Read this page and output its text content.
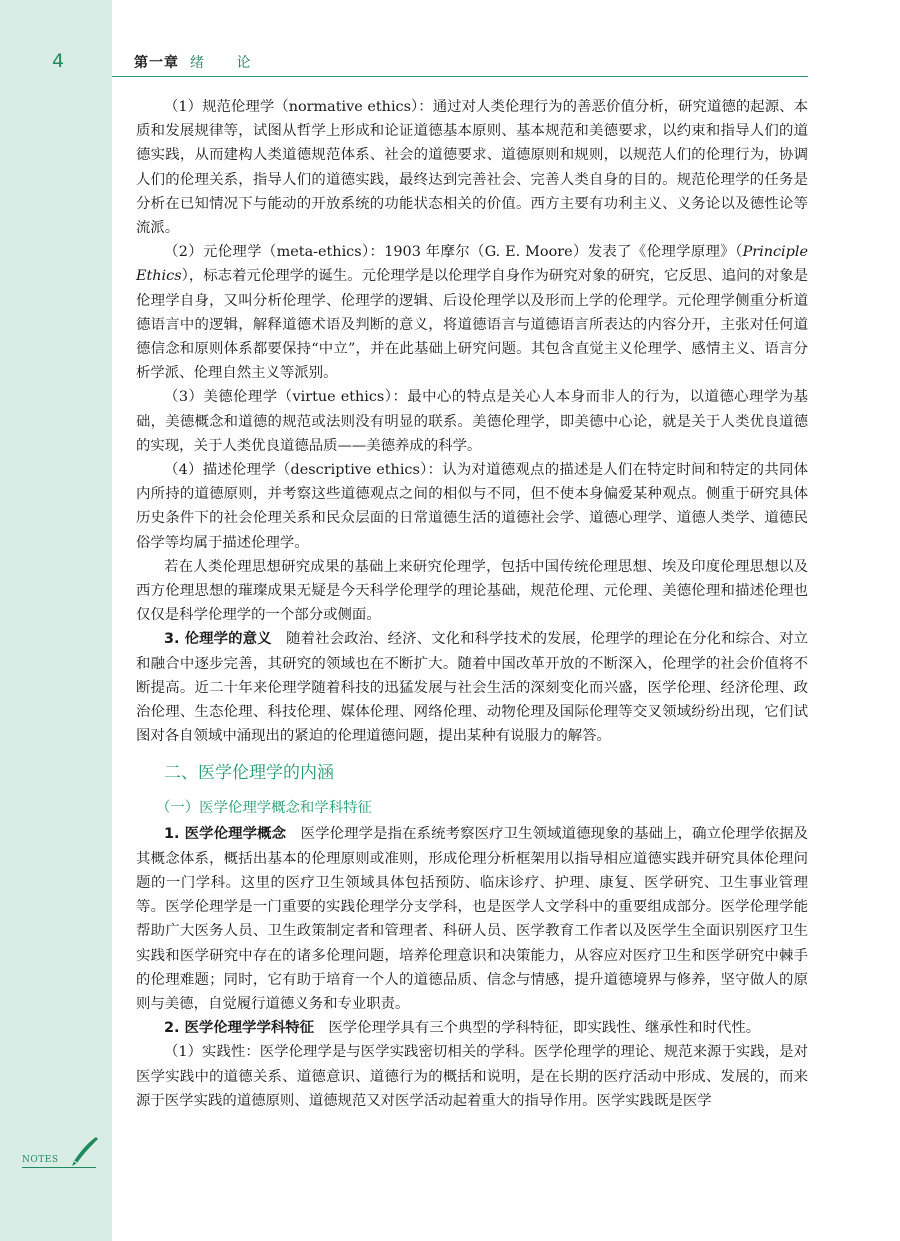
4	第一章 绪 论

（1）规范伦理学（normative ethics）：通过对人类伦理行为的善恶价值分析，研究道德的起源、本质和发展规律等，试图从哲学上形成和论证道德基本原则、基本规范和美德要求，以约束和指导人们的道德实践，从而建构人类道德规范体系、社会的道德要求、道德原则和规则，以规范人们的伦理行为，协调人们的伦理关系，指导人们的道德实践，最终达到完善社会、完善人类自身的目的。规范伦理学的任务是分析在已知情况下与能动的开放系统的功能状态相关的价值。西方主要有功利主义、义务论以及德性论等流派。

（2）元伦理学（meta-ethics）：1903 年摩尔（G. E. Moore）发表了《伦理学原理》（Principle Ethics），标志着元伦理学的诞生。元伦理学是以伦理学自身作为研究对象的研究，它反思、追问的对象是伦理学自身，又叫分析伦理学、伦理学的逻辑、后设伦理学以及形而上学的伦理学。元伦理学侧重分析道德语言中的逻辑，解释道德术语及判断的意义，将道德语言与道德语言所表达的内容分开，主张对任何道德信念和原则体系都要保持“中立”，并在此基础上研究问题。其包含直觉主义伦理学、感情主义、语言分析学派、伦理自然主义等派别。

（3）美德伦理学（virtue ethics）：最中心的特点是关心人本身而非人的行为，以道德心理学为基础，美德概念和道德的规范或法则没有明显的联系。美德伦理学，即美德中心论，就是关于人类优良道德的实现，关于人类优良道德品质——美德养成的科学。

（4）描述伦理学（descriptive ethics）：认为对道德观点的描述是人们在特定时间和特定的共同体内所持的道德原则，并考察这些道德观点之间的相似与不同，但不使本身偏爱某种观点。侧重于研究具体历史条件下的社会伦理关系和民众层面的日常道德生活的道德社会学、道德心理学、道德人类学、道德民俗学等均属于描述伦理学。

若在人类伦理思想研究成果的基础上来研究伦理学，包括中国传统伦理思想、埃及印度伦理思想以及西方伦理思想的璀璨成果无疑是今天科学伦理学的理论基础，规范伦理、元伦理、美德伦理和描述伦理也仅仅是科学伦理学的一个部分或侧面。

3. 伦理学的意义　随着社会政治、经济、文化和科学技术的发展，伦理学的理论在分化和综合、对立和融合中逐步完善，其研究的领域也在不断扩大。随着中国改革开放的不断深入，伦理学的社会价值将不断提高。近二十年来伦理学随着科技的迅猛发展与社会生活的深刻变化而兴盛，医学伦理、经济伦理、政治伦理、生态伦理、科技伦理、媒体伦理、网络伦理、动物伦理及国际伦理等交叉领域纷纷出现，它们试图对各自领域中涌现出的紧迫的伦理道德问题，提出某种有说服力的解答。

二、医学伦理学的内涵
（一）医学伦理学概念和学科特征

1. 医学伦理学概念　医学伦理学是指在系统考察医疗卫生领域道德现象的基础上，确立伦理学依据及其概念体系，概括出基本的伦理原则或准则，形成伦理分析框架用以指导相应道德实践并研究具体伦理问题的一门学科。这里的医疗卫生领域具体包括预防、临床诊疗、护理、康复、医学研究、卫生事业管理等。医学伦理学是一门重要的实践伦理学分支学科，也是医学人文学科中的重要组成部分。医学伦理学能帮助广大医务人员、卫生政策制定者和管理者、科研人员、医学教育工作者以及医学生全面识别医疗卫生实践和医学研究中存在的诸多伦理问题，培养伦理意识和决策能力，从容应对医疗卫生和医学研究中棘手的伦理难题；同时，它有助于培育一个人的道德品质、信念与情感，提升道德境界与修养，坚守做人的原则与美德，自觉履行道德义务和专业职责。

2. 医学伦理学学科特征　医学伦理学具有三个典型的学科特征，即实践性、继承性和时代性。

（1）实践性：医学伦理学是与医学实践密切相关的学科。医学伦理学的理论、规范来源于实践，是对医学实践中的道德关系、道德意识、道德行为的概括和说明，是在长期的医疗活动中形成、发展的，而来源于医学实践的道德原则、道德规范又对医学活动起着重大的指导作用。医学实践既是医学

NOTES
